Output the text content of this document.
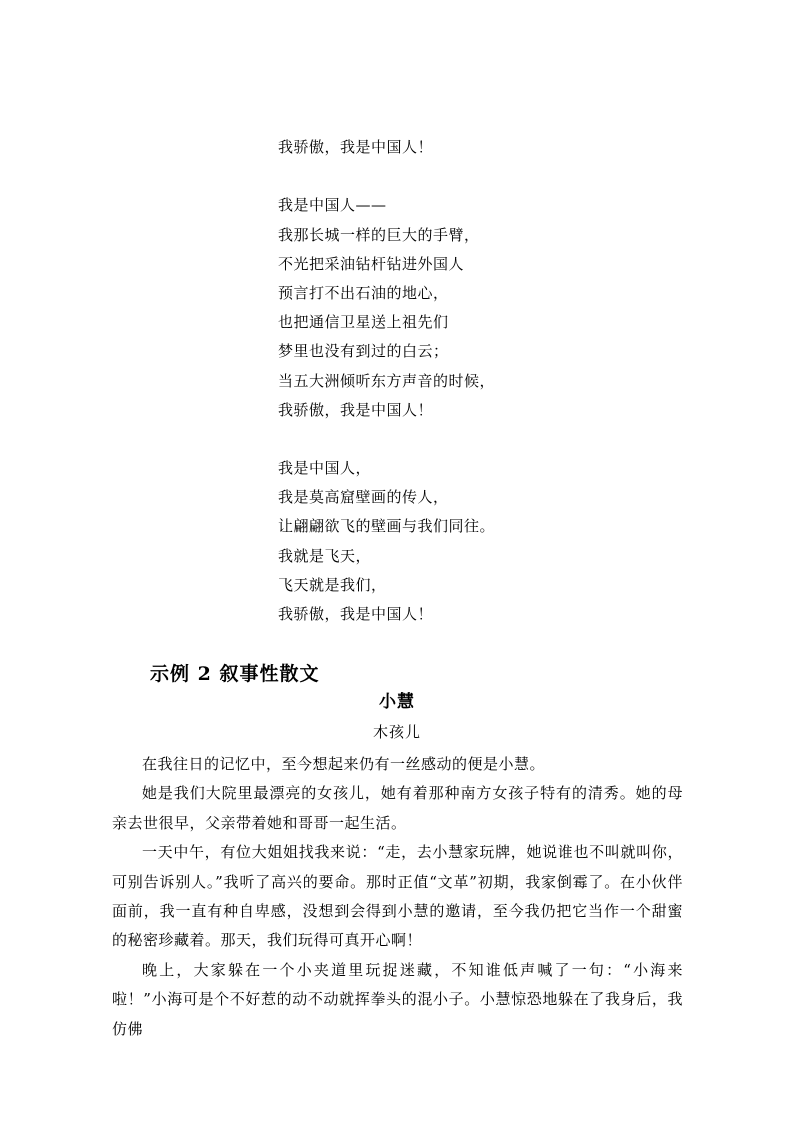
我骄傲，我是中国人！
我是中国人——
我那长城一样的巨大的手臂，
不光把采油钻杆钻进外国人
预言打不出石油的地心，
也把通信卫星送上祖先们
梦里也没有到过的白云；
当五大洲倾听东方声音的时候，
我骄傲，我是中国人！
我是中国人，
我是莫高窟壁画的传人，
让翩翩欲飞的壁画与我们同往。
我就是飞天，
飞天就是我们，
我骄傲，我是中国人！
示例 2 叙事性散文
小慧
木孩儿

在我往日的记忆中，至今想起来仍有一丝感动的便是小慧。

她是我们大院里最漂亮的女孩儿，她有着那种南方女孩子特有的清秀。她的母亲去世很早，父亲带着她和哥哥一起生活。

一天中午，有位大姐姐找我来说：“走，去小慧家玩牌，她说谁也不叫就叫你，可别告诉别人。”我听了高兴的要命。那时正值“文革”初期，我家倒霉了。在小伙伴面前，我一直有种自卑感，没想到会得到小慧的邀请，至今我仍把它当作一个甜蜜的秘密珍藏着。那天，我们玩得可真开心啊！

晚上，大家躲在一个小夹道里玩捉迷藏，不知谁低声喊了一句：“小海来啦！”小海可是个不好惹的动不动就挥拳头的混小子。小慧惊恐地躲在了我身后，我仿佛
